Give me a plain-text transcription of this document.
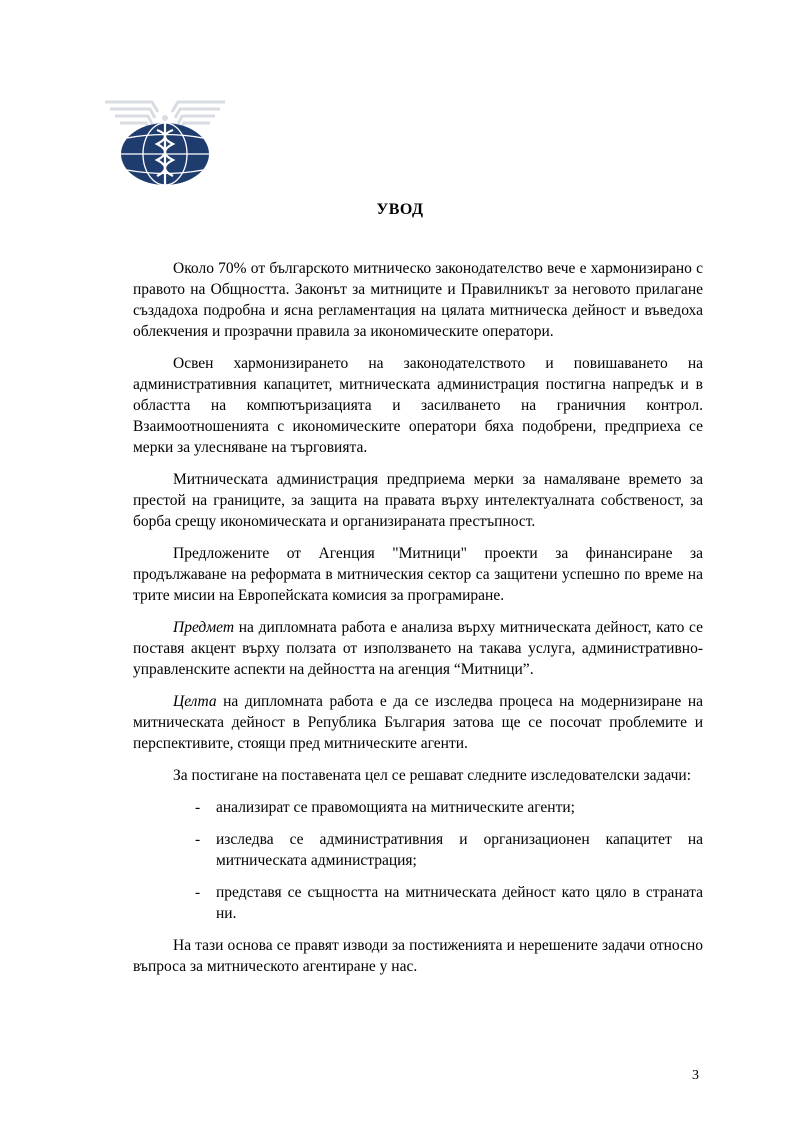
УВОД

Около 70% от българското митническо законодателство вече е хармонизирано с правото на Общността. Законът за митниците и Правилникът за неговото прилагане създадоха подробна и ясна регламентация на цялата митническа дейност и въведоха облекчения и прозрачни правила за икономическите оператори.

Освен хармонизирането на законодателството и повишаването на административния капацитет, митническата администрация постигна напредък и в областта на компютъризацията и засилването на граничния контрол. Взаимоотношенията с икономическите оператори бяха подобрени, предприеха се мерки за улесняване на търговията.

Митническата администрация предприема мерки за намаляване времето за престой на границите, за защита на правата върху интелектуалната собственост, за борба срещу икономическата и организираната престъпност.

Предложените от Агенция "Митници" проекти за финансиране за продължаване на реформата в митническия сектор са защитени успешно по време на трите мисии на Европейската комисия за програмиране.

Предмет на дипломната работа е анализа върху митническата дейност, като се поставя акцент върху ползата от използването на такава услуга, административно-управленските аспекти на дейността на агенция “Митници”.

Целта на дипломната работа е да се изследва процеса на модернизиране на митническата дейност в Република България затова ще се посочат проблемите и перспективите, стоящи пред митническите агенти.

За постигане на поставената цел се решават следните изследователски задачи:

- анализират се правомощията на митническите агенти;
- изследва се административния и организационен капацитет на митническата администрация;
- представя се същността на митническата дейност като цяло в страната ни.

На тази основа се правят изводи за постиженията и нерешените задачи относно въпроса за митническото агентиране у нас.

3
